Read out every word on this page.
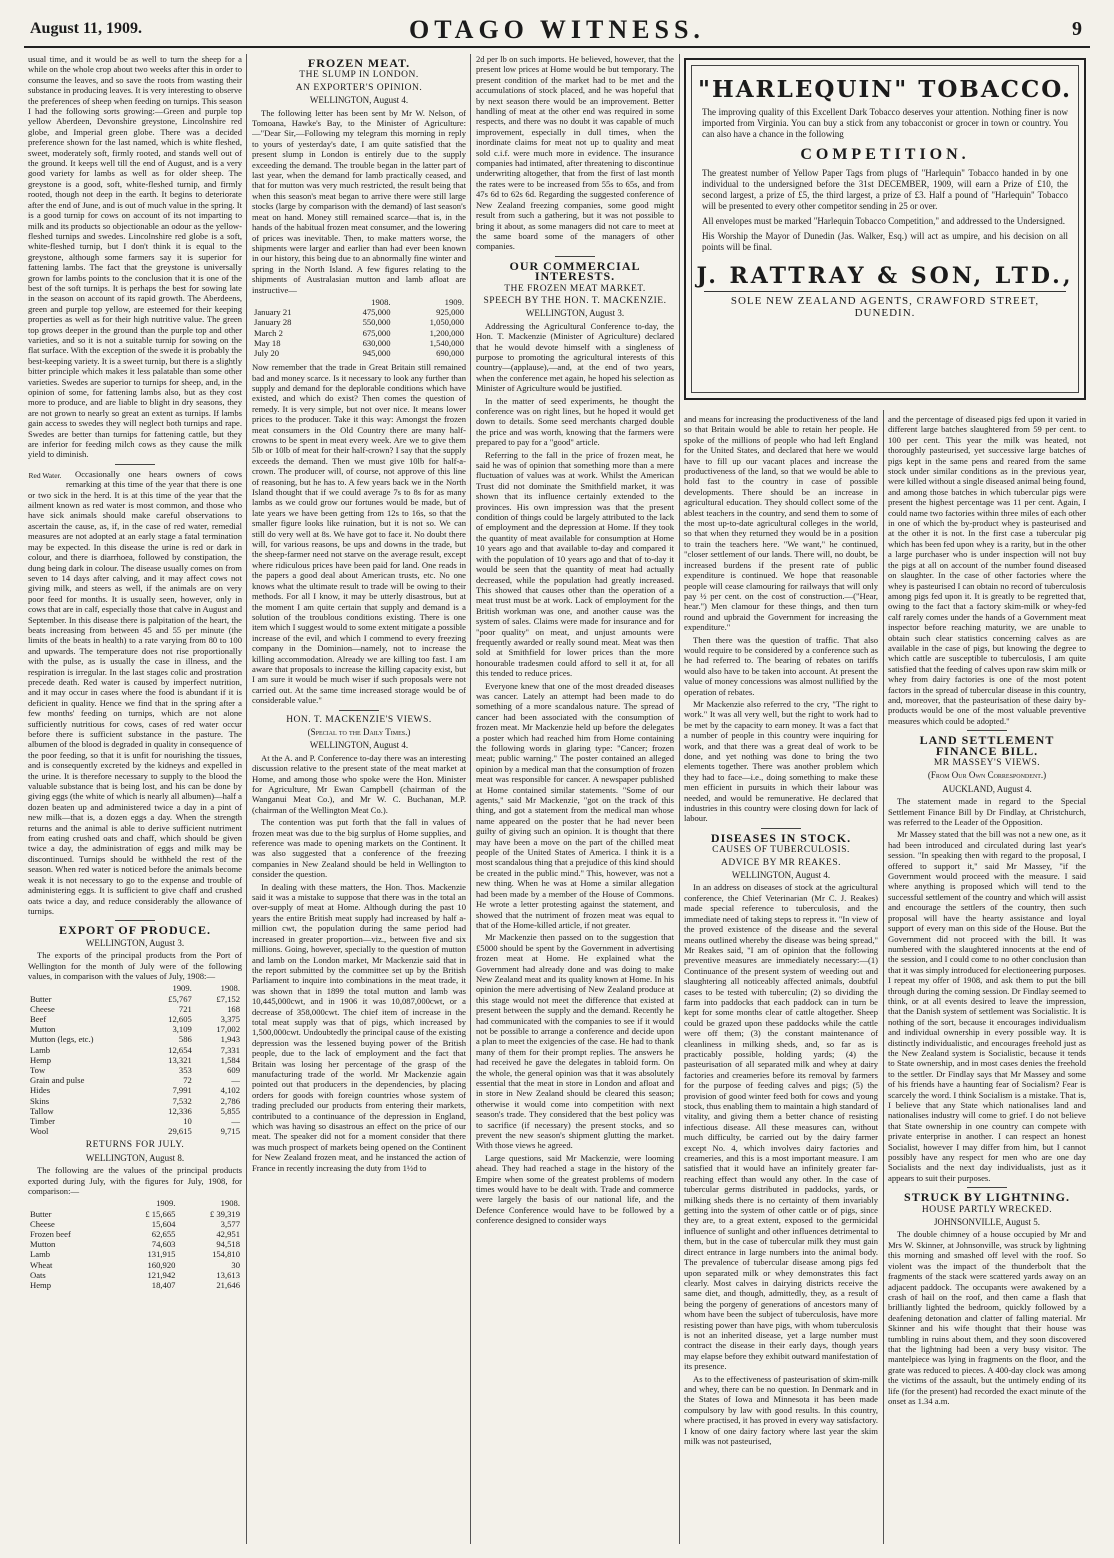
August 11, 1909.	OTAGO WITNESS.	9

usual time, and it would be as well to turn the sheep for a while on the whole crop about two weeks after this in order to consume the leaves, and so save the roots from wasting their substance in producing leaves. It is very interesting to observe the preferences of sheep when feeding on turnips. This season I had the following sorts growing:—Green and purple top yellow Aberdeen, Devonshire greystone, Lincolnshire red globe, and Imperial green globe. There was a decided preference shown for the last named, which is white fleshed, sweet, moderately soft, firmly rooted, and stands well out of the ground. It keeps well till the end of August, and is a very good variety for lambs as well as for older sheep. The greystone is a good, soft, white-fleshed turnip, and firmly rooted, though not deep in the earth. It begins to deteriorate after the end of June, and is out of much value in the spring. It is a good turnip for cows on account of its not imparting to milk and its products so objectionable an odour as the yellow-fleshed turnips and swedes. Lincolnshire red globe is a soft, white-fleshed turnip, but I don't think it is equal to the greystone, although some farmers say it is superior for fattening lambs. The fact that the greystone is universally grown for lambs points to the conclusion that it is one of the best of the soft turnips. It is perhaps the best for sowing late in the season on account of its rapid growth. The Aberdeens, green and purple top yellow, are esteemed for their keeping properties as well as for their high nutritive value. The green top grows deeper in the ground than the purple top and other varieties, and so it is not a suitable turnip for sowing on the flat surface. With the exception of the swede it is probably the best-keeping variety. It is a sweet turnip, but there is a slightly bitter principle which makes it less palatable than some other varieties. Swedes are superior to turnips for sheep, and, in the opinion of some, for fattening lambs also, but as they cost more to produce, and are liable to blight in dry seasons, they are not grown to nearly so great an extent as turnips. If lambs gain access to swedes they will neglect both turnips and rape. Swedes are better than turnips for fattening cattle, but they are inferior for feeding milch cows as they cause the milk yield to diminish.

Red Water.	Occasionally one hears owners of cows remarking at this time of the year that there is one or two sick in the herd. It is at this time of the year that the ailment known as red water is most common, and those who have sick animals should make careful observations to ascertain the cause, as, if, in the case of red water, remedial measures are not adopted at an early stage a fatal termination may be expected. In this disease the urine is red or dark in colour, and there is diarrhoea, followed by constipation, the dung being dark in colour. The disease usually comes on from seven to 14 days after calving, and it may affect cows not giving milk, and steers as well, if the animals are on very poor feed for months. It is usually seen, however, only in cows that are in calf, especially those that calve in August and September. In this disease there is palpitation of the heart, the beats increasing from between 45 and 55 per minute (the limits of the beats in health) to a rate varying from 80 to 100 and upwards. The temperature does not rise proportionally with the pulse, as is usually the case in illness, and the respiration is irregular. In the last stages colic and prostration precede death. Red water is caused by imperfect nutrition, and it may occur in cases where the food is abundant if it is deficient in quality. Hence we find that in the spring after a few months' feeding on turnips, which are not alone sufficiently nutritious for cows, cases of red water occur before there is sufficient substance in the pasture. The albumen of the blood is degraded in quality in consequence of the poor feeding, so that it is unfit for nourishing the tissues, and is consequently excreted by the kidneys and expelled in the urine. It is therefore necessary to supply to the blood the valuable substance that is being lost, and his can be done by giving eggs (the white of which is nearly all albumen)—half a dozen beaten up and administered twice a day in a pint of new milk—that is, a dozen eggs a day. When the strength returns and the animal is able to derive sufficient nutriment from eating crushed oats and chaff, which should be given twice a day, the administration of eggs and milk may be discontinued. Turnips should be withheld the rest of the season. When red water is noticed before the animals become weak it is not necessary to go to the expense and trouble of administering eggs. It is sufficient to give chaff and crushed oats twice a day, and reduce considerably the allowance of turnips.

EXPORT OF PRODUCE.
WELLINGTON, August 3.

The exports of the principal products from the Port of Wellington for the month of July were of the following values, in comparison with the values of July, 1908:—

	1909.	1908.
Butter	£5,767	£7,152
Cheese	721	168
Beef	12,605	3,375
Mutton	3,109	17,002
Mutton (legs, etc.)	586	1,943
Lamb	12,654	7,331
Hemp	13,321	1,584
Tow	353	609
Grain and pulse	72	—
Hides	7,991	4,102
Skins	7,532	2,786
Tallow	12,336	5,855
Timber	10	—
Wool	29,615	9,715
RETURNS FOR JULY.
WELLINGTON, August 8.

The following are the values of the principal products exported during July, with the figures for July, 1908, for comparison:—

	1909.	1908.
Butter	£ 15,665	£ 39,319
Cheese	15,604	3,577
Frozen beef	62,655	42,951
Mutton	74,603	94,518
Lamb	131,915	154,810
Wheat	160,920	30
Oats	121,942	13,613
Hemp	18,407	21,646
FROZEN MEAT.
THE SLUMP IN LONDON.
AN EXPORTER'S OPINION.
WELLINGTON, August 4.

The following letter has been sent by Mr W. Nelson, of Tomoana, Hawke's Bay, to the Minister of Agriculture:—"Dear Sir,—Following my telegram this morning in reply to yours of yesterday's date, I am quite satisfied that the present slump in London is entirely due to the supply exceeding the demand. The trouble began in the latter part of last year, when the demand for lamb practically ceased, and that for mutton was very much restricted, the result being that when this season's meat began to arrive there were still large stocks (large by comparison with the demand) of last season's meat on hand. Money still remained scarce—that is, in the hands of the habitual frozen meat consumer, and the lowering of prices was inevitable. Then, to make matters worse, the shipments were larger and earlier than had ever been known in our history, this being due to an abnormally fine winter and spring in the North Island. A few figures relating to the shipments of Australasian mutton and lamb afloat are instructive—

	1908.	1909.
January 21	475,000	925,000
January 28	550,000	1,050,000
March 2	675,000	1,200,000
May 18	630,000	1,540,000
July 20	945,000	690,000

Now remember that the trade in Great Britain still remained bad and money scarce. Is it necessary to look any further than supply and demand for the deplorable conditions which have existed, and which do exist? Then comes the question of remedy. It is very simple, but not over nice. It means lower prices to the producer. Take it this way: Amongst the frozen meat consumers in the Old Country there are many half-crowns to be spent in meat every week. Are we to give them 5lb or 10lb of meat for their half-crown? I say that the supply exceeds the demand. Then we must give 10lb for half-a-crown. The producer will, of course, not approve of this line of reasoning, but he has to. A few years back we in the North Island thought that if we could average 7s to 8s for as many lambs as we could grow our fortunes would be made, but of late years we have been getting from 12s to 16s, so that the smaller figure looks like ruination, but it is not so. We can still do very well at 8s. We have got to face it. No doubt there will, for various reasons, be ups and downs in the trade, but the sheep-farmer need not starve on the average result, except where ridiculous prices have been paid for land. One reads in the papers a good deal about American trusts, etc. No one knows what the ultimate result to trade will be owing to their methods. For all I know, it may be utterly disastrous, but at the moment I am quite certain that supply and demand is a solution of the troublous conditions existing. There is one item which I suggest would to some extent mitigate a possible increase of the evil, and which I commend to every freezing company in the Dominion—namely, not to increase the killing accommodation. Already we are killing too fast. I am aware that proposals to increase the killing capacity exist, but I am sure it would be much wiser if such proposals were not carried out. At the same time increased storage would be of considerable value."

HON. T. MACKENZIE'S VIEWS.
(Special to the Daily Times.)
WELLINGTON, August 4.

At the A. and P. Conference to-day there was an interesting discussion relative to the present state of the meat market at Home, and among those who spoke were the Hon. Minister for Agriculture, Mr Ewan Campbell (chairman of the Wanganui Meat Co.), and Mr W. C. Buchanan, M.P. (chairman of the Wellington Meat Co.).

The contention was put forth that the fall in values of frozen meat was due to the big surplus of Home supplies, and reference was made to opening markets on the Continent. It was also suggested that a conference of the freezing companies in New Zealand should be held in Wellington to consider the question.

In dealing with these matters, the Hon. Thos. Mackenzie said it was a mistake to suppose that there was in the total an over-supply of meat at Home. Although during the past 10 years the entire British meat supply had increased by half a-million cwt, the population during the same period had increased in greater proportion—viz., between five and six millions. Going, however, specially to the question of mutton and lamb on the London market, Mr Mackenzie said that in the report submitted by the committee set up by the British Parliament to inquire into combinations in the meat trade, it was shown that in 1899 the total mutton and lamb was 10,445,000cwt, and in 1906 it was 10,087,000cwt, or a decrease of 358,000cwt. The chief item of increase in the total meat supply was that of pigs, which increased by 1,500,000cwt. Undoubtedly the principal cause of the existing depression was the lessened buying power of the British people, due to the lack of employment and the fact that Britain was losing her percentage of the grasp of the manufacturing trade of the world. Mr Mackenzie again pointed out that producers in the dependencies, by placing orders for goods with foreign countries whose system of trading precluded our products from entering their markets, contributed to a continuance of the depression in England, which was having so disastrous an effect on the price of our meat. The speaker did not for a moment consider that there was much prospect of markets being opened on the Continent for New Zealand frozen meat, and he instanced the action of France in recently increasing the duty from 1½d to

2d per lb on such imports. He believed, however, that the present low prices at Home would be but temporary. The present condition of the market had to be met and the accumulations of stock placed, and he was hopeful that by next season there would be an improvement. Better handling of meat at the other end was required in some respects, and there was no doubt it was capable of much improvement, especially in dull times, when the inordinate claims for meat not up to quality and meat sold c.i.f. were much more in evidence. The insurance companies had intimated, after threatening to discontinue underwriting altogether, that from the first of last month the rates were to be increased from 55s to 65s, and from 47s 6d to 62s 6d. Regarding the suggested conference of New Zealand freezing companies, some good might result from such a gathering, but it was not possible to bring it about, as some managers did not care to meet at the same board some of the managers of other companies.

OUR COMMERCIAL INTERESTS.
THE FROZEN MEAT MARKET.
SPEECH BY THE HON. T. MACKENZIE.
WELLINGTON, August 3.

Addressing the Agricultural Conference to-day, the Hon. T. Mackenzie (Minister of Agriculture) declared that he would devote himself with a singleness of purpose to promoting the agricultural interests of this country—(applause),—and, at the end of two years, when the conference met again, he hoped his selection as Minister of Agriculture would be justified.

In the matter of seed experiments, he thought the conference was on right lines, but he hoped it would get down to details. Some seed merchants charged double the price and was worth, knowing that the farmers were prepared to pay for a "good" article.

Referring to the fall in the price of frozen meat, he said he was of opinion that something more than a mere fluctuation of values was at work. Whilst the American Trust did not dominate the Smithfield market, it was shown that its influence certainly extended to the provinces. His own impression was that the present condition of things could be largely attributed to the lack of employment and the depression at Home. If they took the quantity of meat available for consumption at Home 10 years ago and that available to-day and compared it with the population of 10 years ago and that of to-day it would be seen that the quantity of meat had actually decreased, while the population had greatly increased. This showed that causes other than the operation of a meat trust must be at work. Lack of employment for the British workman was one, and another cause was the system of sales. Claims were made for insurance and for "poor quality" on meat, and unjust amounts were frequently awarded or really sound meat. Meat was then sold at Smithfield for lower prices than the more honourable tradesmen could afford to sell it at, for all this tended to reduce prices.

Everyone knew that one of the most dreaded diseases was cancer. Lately an attempt had been made to do something of a more scandalous nature. The spread of cancer had been associated with the consumption of frozen meat. Mr Mackenzie held up before the delegates a poster which had reached him from Home containing the following words in glaring type: "Cancer; frozen meat; public warning." The poster contained an alleged opinion by a medical man that the consumption of frozen meat was responsible for cancer. A newspaper published at Home contained similar statements. "Some of our agents," said Mr Mackenzie, "got on the track of this thing, and got a statement from the medical man whose name appeared on the poster that he had never been guilty of giving such an opinion. It is thought that there may have been a move on the part of the chilled meat people of the United States of America. I think it is a most scandalous thing that a prejudice of this kind should be created in the public mind." This, however, was not a new thing. When he was at Home a similar allegation had been made by a member of the House of Commons. He wrote a letter protesting against the statement, and showed that the nutriment of frozen meat was equal to that of the Home-killed article, if not greater.

Mr Mackenzie then passed on to the suggestion that £5000 should be spent by the Government in advertising frozen meat at Home. He explained what the Government had already done and was doing to make New Zealand meat and its quality known at Home. In his opinion the mere advertising of New Zealand produce at this stage would not meet the difference that existed at present between the supply and the demand. Recently he had communicated with the companies to see if it would not be possible to arrange a conference and decide upon a plan to meet the exigencies of the case. He had to thank many of them for their prompt replies. The answers he had received he gave the delegates in tabloid form. On the whole, the general opinion was that it was absolutely essential that the meat in store in London and afloat and in store in New Zealand should be cleared this season; otherwise it would come into competition with next season's trade. They considered that the best policy was to sacrifice (if necessary) the present stocks, and so prevent the new season's shipment glutting the market. With those views he agreed.

Large questions, said Mr Mackenzie, were looming ahead. They had reached a stage in the history of the Empire when some of the greatest problems of modern times would have to be dealt with. Trade and commerce were largely the basis of our national life, and the Defence Conference would have to be followed by a conference designed to consider ways

"HARLEQUIN" TOBACCO.
The improving quality of this Excellent Dark Tobacco deserves your attention. Nothing finer is now imported from Virginia. You can buy a stick from any tobacconist or grocer in town or country. You can also have a chance in the following
COMPETITION.
The greatest number of Yellow Paper Tags from plugs of "Harlequin" Tobacco handed in by one individual to the undersigned before the 31st DECEMBER, 1909, will earn a Prize of £10, the second largest, a prize of £5, the third largest, a prize of £3. Half a pound of "Harlequin" Tobacco will be presented to every other competitor sending in 25 or over.
All envelopes must be marked "Harlequin Tobacco Competition," and addressed to the Undersigned.
His Worship the Mayor of Dunedin (Jas. Walker, Esq.) will act as umpire, and his decision on all points will be final.
J. RATTRAY & SON, LTD.,
SOLE NEW ZEALAND AGENTS, CRAWFORD STREET, DUNEDIN.

and means for increasing the productiveness of the land so that Britain would be able to retain her people. He spoke of the millions of people who had left England for the United States, and declared that here we would have to fill up our vacant places and increase the productiveness of the land, so that we would be able to hold fast to the country in case of possible developments. There should be an increase in agricultural education. They should collect some of the ablest teachers in the country, and send them to some of the most up-to-date agricultural colleges in the world, so that when they returned they would be in a position to train the teachers here. "We want," he continued, "closer settlement of our lands. There will, no doubt, be increased burdens if the present rate of public expenditure is continued. We hope that reasonable people will cease clamouring for railways that will only pay ½ per cent. on the cost of construction.—("Hear, hear.") Men clamour for these things, and then turn round and upbraid the Government for increasing the expenditure."

Then there was the question of traffic. That also would require to be considered by a conference such as he had referred to. The bearing of rebates on tariffs would also have to be taken into account. At present the value of money concessions was almost nullified by the operation of rebates.

Mr Mackenzie also referred to the cry, "The right to work." It was all very well, but the right to work had to be met by the capacity to earn money. It was a fact that a number of people in this country were inquiring for work, and that there was a great deal of work to be done, and yet nothing was done to bring the two elements together. There was another problem which they had to face—i.e., doing something to make these men efficient in pursuits in which their labour was needed, and would be remunerative. He declared that industries in this country were closing down for lack of labour.

DISEASES IN STOCK.
CAUSES OF TUBERCULOSIS.
ADVICE BY MR REAKES.
WELLINGTON, August 4.

In an address on diseases of stock at the agricultural conference, the Chief Veterinarian (Mr C. J. Reakes) made special reference to tuberculosis, and the immediate need of taking steps to repress it. "In view of the proved existence of the disease and the several means outlined whereby the disease was being spread," Mr Reakes said, "I am of opinion that the following preventive measures are immediately necessary:—(1) Continuance of the present system of weeding out and slaughtering all noticeably affected animals, doubtful cases to be tested with tuberculin; (2) so dividing the farm into paddocks that each paddock can in turn be kept for some months clear of cattle altogether. Sheep could be grazed upon these paddocks while the cattle were off them; (3) the constant maintenance of cleanliness in milking sheds, and, so far as is practicably possible, holding yards; (4) the pasteurisation of all separated milk and whey at dairy factories and creameries before its removal by farmers for the purpose of feeding calves and pigs; (5) the provision of good winter feed both for cows and young stock, thus enabling them to maintain a high standard of vitality, and giving them a better chance of resisting infectious disease. All these measures can, without much difficulty, be carried out by the dairy farmer except No. 4, which involves dairy factories and creameries, and this is a most important measure. I am satisfied that it would have an infinitely greater far-reaching effect than would any other. In the case of tubercular germs distributed in paddocks, yards, or milking sheds there is no certainty of them invariably getting into the system of other cattle or of pigs, since they are, to a great extent, exposed to the germicidal influence of sunlight and other influences detrimental to them, but in the case of tubercular milk they must gain direct entrance in large numbers into the animal body. The prevalence of tubercular disease among pigs fed upon separated milk or whey demonstrates this fact clearly. Most calves in dairying districts receive the same diet, and though, admittedly, they, as a result of being the porgeny of generations of ancestors many of whom have been the subject of tuberculosis, have more resisting power than have pigs, with whom tuberculosis is not an inherited disease, yet a large number must contract the disease in their early days, though years may elapse before they exhibit outward manifestation of its presence.

As to the effectiveness of pasteurisation of skim-milk and whey, there can be no question. In Denmark and in the States of Iowa and Minnesota it has been made compulsory by law with good results. In this country, where practised, it has proved in every way satisfactory. I know of one dairy factory where last year the skim milk was not pasteurised,

and the percentage of diseased pigs fed upon it varied in different large batches slaughtered from 59 per cent. to 100 per cent. This year the milk was heated, not thoroughly pasteurised, yet successive large batches of pigs kept in the same pens and reared from the same stock under similar conditions as in the previous year, were killed without a single diseased animal being found, and among those batches in which tubercular pigs were present the highest percentage was 11 per cent. Again, I could name two factories within three miles of each other in one of which the by-product whey is pasteurised and at the other it is not. In the first case a tubercular pig which has been fed upon whey is a rarity, but in the other a large purchaser who is under inspection will not buy the pigs at all on account of the number found diseased on slaughter. In the case of other factories where the whey is pasteurised I can obtain no record of tuberculosis among pigs fed upon it. It is greatly to be regretted that, owing to the fact that a factory skim-milk or whey-fed calf rarely comes under the hands of a Government meat inspector before reaching maturity, we are unable to obtain such clear statistics concerning calves as are available in the case of pigs, but knowing the degree to which cattle are susceptible to tuberculosis, I am quite satisfied that the feeding of calves upon raw skim milk or whey from dairy factories is one of the most potent factors in the spread of tubercular disease in this country, and, moreover, that the pasteurisation of these dairy by-products would be one of the most valuable preventive measures which could be adopted."

LAND SETTLEMENT FINANCE BILL.
MR MASSEY'S VIEWS.
(From Our Own Correspondent.)
AUCKLAND, August 4.

The statement made in regard to the Special Settlement Finance Bill by Dr Findlay, at Christchurch, was referred to the Leader of the Opposition.

Mr Massey stated that the bill was not a new one, as it had been introduced and circulated during last year's session. "In speaking then with regard to the proposal, I offered to support it," said Mr Massey, "if the Government would proceed with the measure. I said where anything is proposed which will tend to the successful settlement of the country and which will assist and encourage the settlers of the country, then such proposal will have the hearty assistance and loyal support of every man on this side of the House. But the Government did not proceed with the bill. It was numbered with the slaughtered innocents at the end of the session, and I could come to no other conclusion than that it was simply introduced for electioneering purposes. I repeat my offer of 1908, and ask them to put the bill through during the coming session. Dr Findlay seemed to think, or at all events desired to leave the impression, that the Danish system of settlement was Socialistic. It is nothing of the sort, because it encourages individualism and individual ownership in every possible way. It is distinctly individualistic, and encourages freehold just as the New Zealand system is Socialistic, because it tends to State ownership, and in most cases denies the freehold to the settler. Dr Findlay says that Mr Massey and some of his friends have a haunting fear of Socialism? Fear is scarcely the word. I think Socialism is a mistake. That is, I believe that any State which nationalises land and nationalises industry will come to grief. I do not believe that State ownership in one country can compete with private enterprise in another. I can respect an honest Socialist, however I may differ from him, but I cannot possibly have any respect for men who are one day Socialists and the next day individualists, just as it appears to suit their purposes.

STRUCK BY LIGHTNING.
HOUSE PARTLY WRECKED.
JOHNSONVILLE, August 5.

The double chimney of a house occupied by Mr and Mrs W. Skinner, at Johnsonville, was struck by lightning this morning and smashed off level with the roof. So violent was the impact of the thunderbolt that the fragments of the stack were scattered yards away on an adjacent paddock. The occupants were awakened by a crash of hail on the roof, and then came a flash that brilliantly lighted the bedroom, quickly followed by a deafening detonation and clatter of falling material. Mr Skinner and his wife thought that their house was tumbling in ruins about them, and they soon discovered that the lightning had been a very busy visitor. The mantelpiece was lying in fragments on the floor, and the grate was reduced to pieces. A 400-day clock was among the victims of the assault, but the untimely ending of its life (for the present) had recorded the exact minute of the onset as 1.34 a.m.
